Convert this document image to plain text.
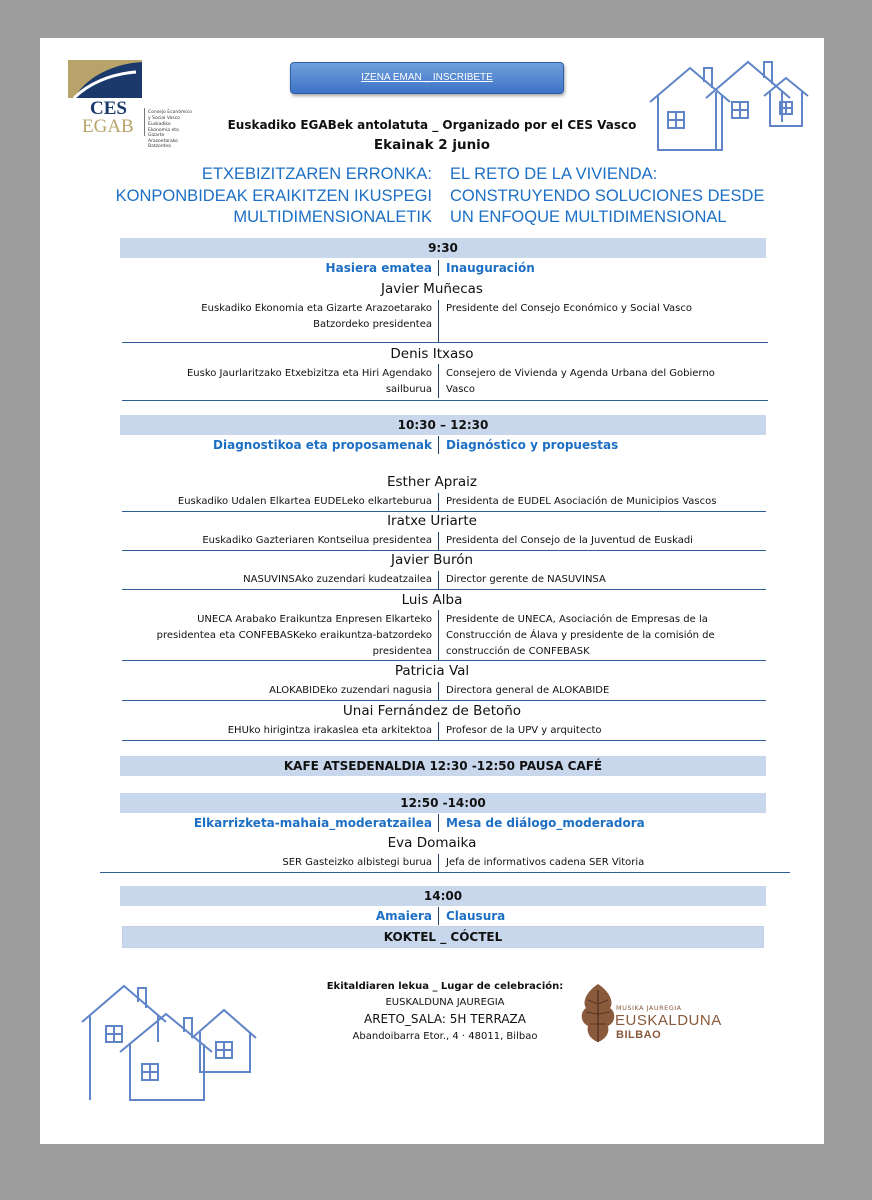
CES
EGAB
Consejo Económico y Social Vasco
Euskadiko Ekonomia eta Gizarte Arazoetarako Batzordea
IZENA EMAN _ INSCRIBETE
Euskadiko EGABek antolatuta _ Organizado por el CES Vasco
Ekainak 2 junio
ETXEBIZITZAREN ERRONKA:
KONPONBIDEAK ERAIKITZEN IKUSPEGI
MULTIDIMENSIONALETIK
EL RETO DE LA VIVIENDA:
CONSTRUYENDO SOLUCIONES DESDE
UN ENFOQUE MULTIDIMENSIONAL
9:30
Hasiera ematea Inauguración
Javier Muñecas
Euskadiko Ekonomia eta Gizarte Arazoetarako
Batzordeko presidentea
Presidente del Consejo Económico y Social Vasco
Denis Itxaso
Eusko Jaurlaritzako Etxebizitza eta Hiri Agendako
sailburua
Consejero de Vivienda y Agenda Urbana del Gobierno
Vasco
10:30 – 12:30
Diagnostikoa eta proposamenak Diagnóstico y propuestas
Esther Apraiz
Euskadiko Udalen Elkartea EUDELeko elkarteburua Presidenta de EUDEL Asociación de Municipios Vascos
Iratxe Uriarte
Euskadiko Gazteriaren Kontseilua presidentea Presidenta del Consejo de la Juventud de Euskadi
Javier Burón
NASUVINSAko zuzendari kudeatzailea Director gerente de NASUVINSA
Luis Alba
UNECA Arabako Eraikuntza Enpresen Elkarteko
presidentea eta CONFEBASKeko eraikuntza-batzordeko
presidentea
Presidente de UNECA, Asociación de Empresas de la
Construcción de Álava y presidente de la comisión de
construcción de CONFEBASK
Patricia Val
ALOKABIDEko zuzendari nagusia Directora general de ALOKABIDE
Unai Fernández de Betoño
EHUko hirigintza irakaslea eta arkitektoa Profesor de la UPV y arquitecto
KAFE ATSEDENALDIA 12:30 -12:50 PAUSA CAFÉ
12:50 -14:00
Elkarrizketa-mahaia_moderatzailea Mesa de diálogo_moderadora
Eva Domaika
SER Gasteizko albistegi burua Jefa de informativos cadena SER Vitoria
14:00
Amaiera Clausura
KOKTEL _ CÓCTEL
Ekitaldiaren lekua _ Lugar de celebración:
EUSKALDUNA JAUREGIA
ARETO_SALA: 5H TERRAZA
Abandoibarra Etor., 4 · 48011, Bilbao
MUSIKA JAUREGIA
EUSKALDUNA
BILBAO
